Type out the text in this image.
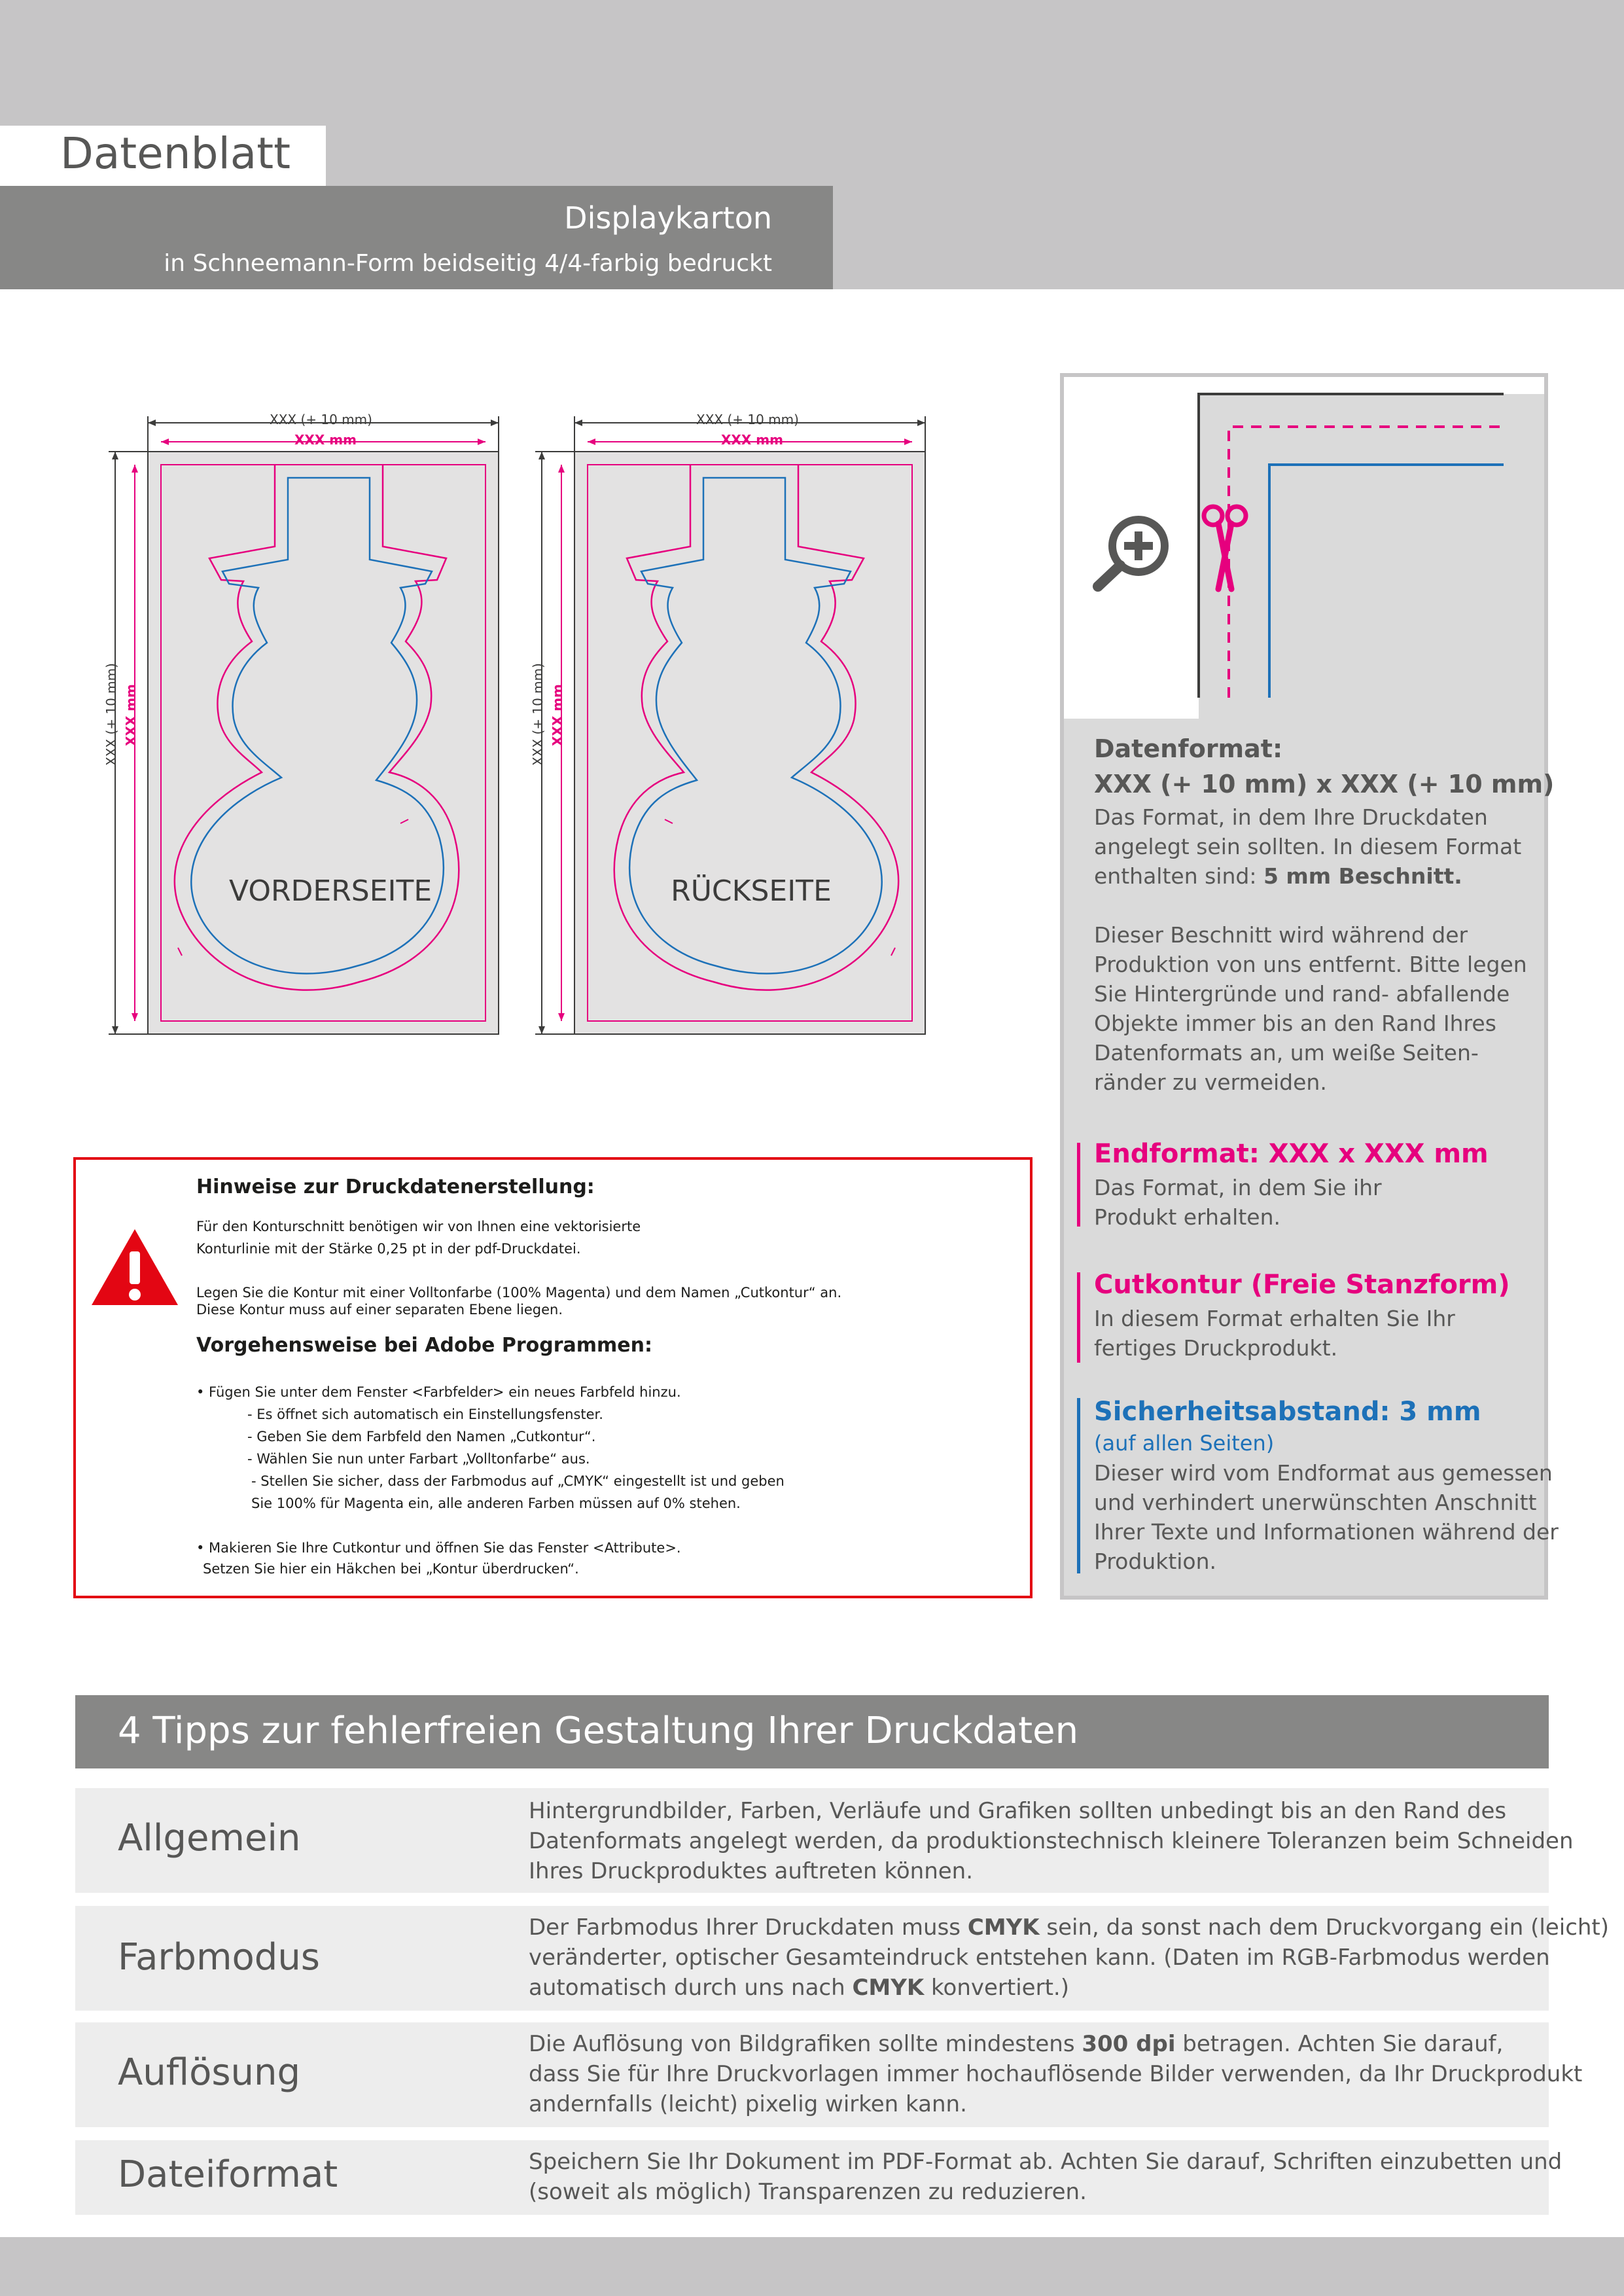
Datenblatt
Displaykarton
in Schneemann-Form beidseitig 4/4-farbig bedruckt
XXX (+ 10 mm)
XXX mm
XXX (+ 10 mm) XXX mm
VORDERSEITE
XXX (+ 10 mm)
XXX mm
XXX (+ 10 mm) XXX mm
RÜCKSEITE
Hinweise zur Druckdatenerstellung:
Für den Konturschnitt benötigen wir von Ihnen eine vektorisierte
Konturlinie mit der Stärke 0,25 pt in der pdf-Druckdatei.
Legen Sie die Kontur mit einer Volltonfarbe (100% Magenta) und dem Namen „Cutkontur“ an.
Diese Kontur muss auf einer separaten Ebene liegen.
Vorgehensweise bei Adobe Programmen:
• Fügen Sie unter dem Fenster <Farbfelder> ein neues Farbfeld hinzu.
- Es öffnet sich automatisch ein Einstellungsfenster.
- Geben Sie dem Farbfeld den Namen „Cutkontur“.
- Wählen Sie nun unter Farbart „Volltonfarbe“ aus.
- Stellen Sie sicher, dass der Farbmodus auf „CMYK“ eingestellt ist und geben
Sie 100% für Magenta ein, alle anderen Farben müssen auf 0% stehen.
• Makieren Sie Ihre Cutkontur und öffnen Sie das Fenster <Attribute>.
Setzen Sie hier ein Häkchen bei „Kontur überdrucken“.
Datenformat:
XXX (+ 10 mm) x XXX (+ 10 mm)
Das Format, in dem Ihre Druckdaten
angelegt sein sollten. In diesem Format
enthalten sind: 5 mm Beschnitt.
Dieser Beschnitt wird während der
Produktion von uns entfernt. Bitte legen
Sie Hintergründe und rand- abfallende
Objekte immer bis an den Rand Ihres
Datenformats an, um weiße Seiten-
ränder zu vermeiden.
Endformat: XXX x XXX mm
Das Format, in dem Sie ihr
Produkt erhalten.
Cutkontur (Freie Stanzform)
In diesem Format erhalten Sie Ihr
fertiges Druckprodukt.
Sicherheitsabstand: 3 mm
(auf allen Seiten)
Dieser wird vom Endformat aus gemessen
und verhindert unerwünschten Anschnitt
Ihrer Texte und Informationen während der
Produktion.
4 Tipps zur fehlerfreien Gestaltung Ihrer Druckdaten
Allgemein
Hintergrundbilder, Farben, Verläufe und Grafiken sollten unbedingt bis an den Rand des
Datenformats angelegt werden, da produktionstechnisch kleinere Toleranzen beim Schneiden
Ihres Druckproduktes auftreten können.
Farbmodus
Der Farbmodus Ihrer Druckdaten muss CMYK sein, da sonst nach dem Druckvorgang ein (leicht)
veränderter, optischer Gesamteindruck entstehen kann. (Daten im RGB-Farbmodus werden
automatisch durch uns nach CMYK konvertiert.)
Auflösung
Die Auflösung von Bildgrafiken sollte mindestens 300 dpi betragen. Achten Sie darauf,
dass Sie für Ihre Druckvorlagen immer hochauflösende Bilder verwenden, da Ihr Druckprodukt
andernfalls (leicht) pixelig wirken kann.
Dateiformat	Speichern Sie Ihr Dokument im PDF-Format ab. Achten Sie darauf, Schriften einzubetten und
(soweit als möglich) Transparenzen zu reduzieren.
